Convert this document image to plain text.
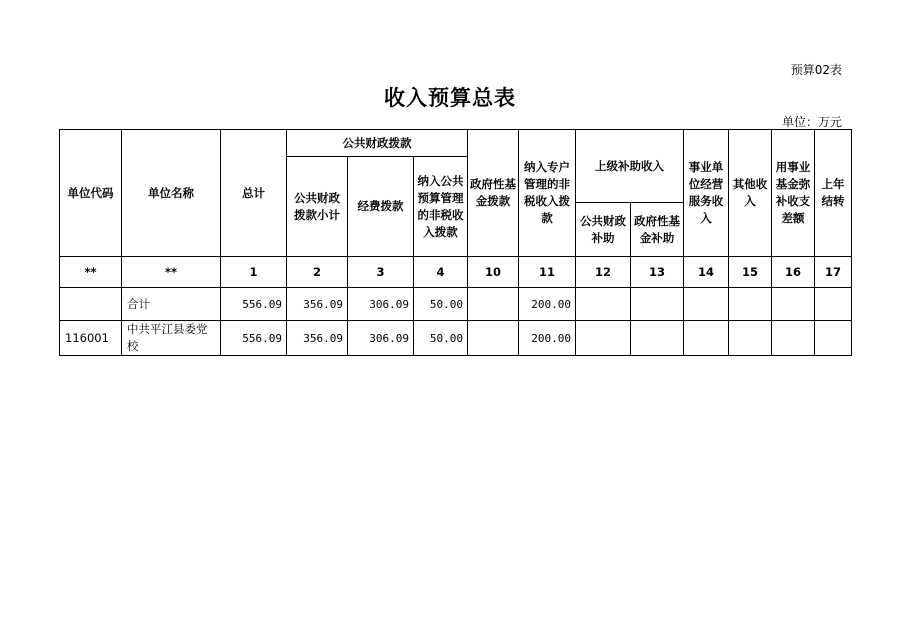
预算02表
收入预算总表
单位：万元
单位代码	单位名称	总计	公共财政拨款			政府性基金拨款	纳入专户管理的非税收入拨款	上级补助收入		事业单位经营服务收入	其他收入	用事业基金弥补收支差额	上年结转
			公共财政拨款小计	经费拨款	纳入公共预算管理的非税收入拨款								
								公共财政补助	政府性基金补助				
**	**	1	2	3	4	10	11	12	13	14	15	16	17
	合计	556.09	356.09	306.09	50.00		200.00						
116001	中共平江县委党校	556.09	356.09	306.09	50.00		200.00						
